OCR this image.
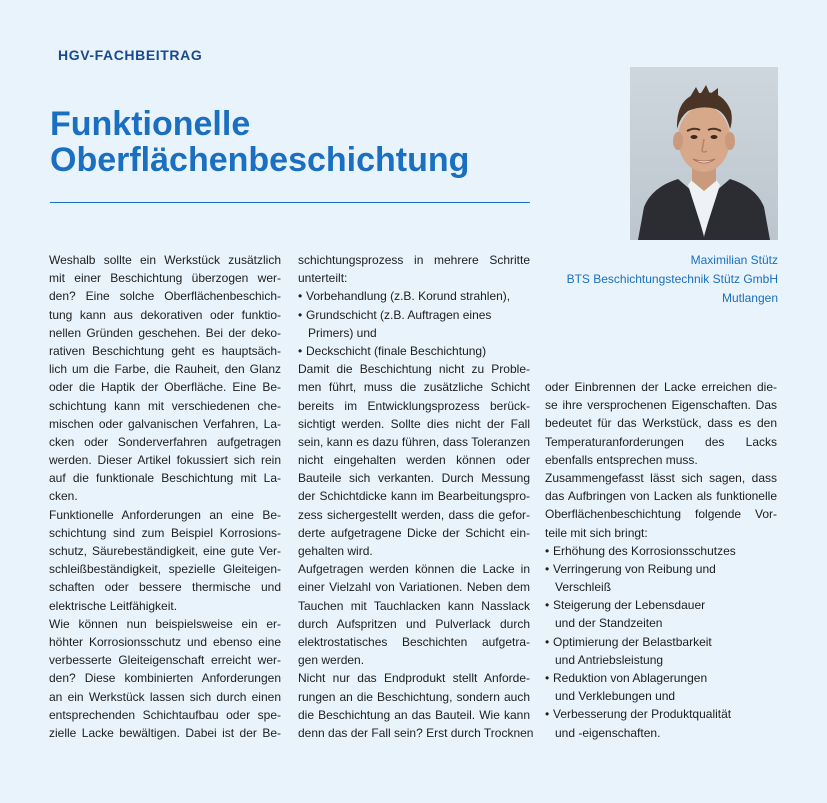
HGV-FACHBEITRAG
Funktionelle
Oberflächenbeschichtung
Maximilian Stütz
BTS Beschichtungstechnik Stütz GmbH
Mutlangen
Weshalb sollte ein Werkstück zusätzlich
mit einer Beschichtung überzogen wer-
den? Eine solche Oberflächenbeschich-
tung kann aus dekorativen oder funktio-
nellen Gründen geschehen. Bei der deko-
rativen Beschichtung geht es hauptsäch-
lich um die Farbe, die Rauheit, den Glanz
oder die Haptik der Oberfläche. Eine Be-
schichtung kann mit verschiedenen che-
mischen oder galvanischen Verfahren, La-
cken oder Sonderverfahren aufgetragen
werden. Dieser Artikel fokussiert sich rein
auf die funktionale Beschichtung mit La-
cken.
Funktionelle Anforderungen an eine Be-
schichtung sind zum Beispiel Korrosions-
schutz, Säurebeständigkeit, eine gute Ver-
schleißbeständigkeit, spezielle Gleiteigen-
schaften oder bessere thermische und
elektrische Leitfähigkeit.
Wie können nun beispielsweise ein er-
höhter Korrosionsschutz und ebenso eine
verbesserte Gleiteigenschaft erreicht wer-
den? Diese kombinierten Anforderungen
an ein Werkstück lassen sich durch einen
entsprechenden Schichtaufbau oder spe-
zielle Lacke bewältigen. Dabei ist der Be-
schichtungsprozess in mehrere Schritte
unterteilt:
• Vorbehandlung (z.B. Korund strahlen),
• Grundschicht (z.B. Auftragen eines
Primers) und
• Deckschicht (finale Beschichtung)
Damit die Beschichtung nicht zu Proble-
men führt, muss die zusätzliche Schicht
bereits im Entwicklungsprozess berück-
sichtigt werden. Sollte dies nicht der Fall
sein, kann es dazu führen, dass Toleranzen
nicht eingehalten werden können oder
Bauteile sich verkanten. Durch Messung
der Schichtdicke kann im Bearbeitungspro-
zess sichergestellt werden, dass die gefor-
derte aufgetragene Dicke der Schicht ein-
gehalten wird.
Aufgetragen werden können die Lacke in
einer Vielzahl von Variationen. Neben dem
Tauchen mit Tauchlacken kann Nasslack
durch Aufspritzen und Pulverlack durch
elektrostatisches Beschichten aufgetra-
gen werden.
Nicht nur das Endprodukt stellt Anforde-
rungen an die Beschichtung, sondern auch
die Beschichtung an das Bauteil. Wie kann
denn das der Fall sein? Erst durch Trocknen
oder Einbrennen der Lacke erreichen die-
se ihre versprochenen Eigenschaften. Das
bedeutet für das Werkstück, dass es den
Temperaturanforderungen des Lacks
ebenfalls entsprechen muss.
Zusammengefasst lässt sich sagen, dass
das Aufbringen von Lacken als funktionelle
Oberflächenbeschichtung folgende Vor-
teile mit sich bringt:
• Erhöhung des Korrosionsschutzes
• Verringerung von Reibung und
Verschleiß
• Steigerung der Lebensdauer
und der Standzeiten
• Optimierung der Belastbarkeit
und Antriebsleistung
• Reduktion von Ablagerungen
und Verklebungen und
• Verbesserung der Produktqualität
und -eigenschaften.
